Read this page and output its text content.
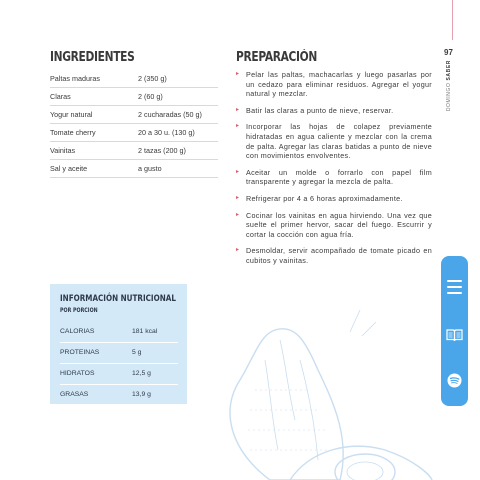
97
DOMINGO SABER
INGREDIENTES
Paltas maduras	2 (350 g)
Claras	2 (60 g)
Yogur natural	2 cucharadas (50 g)
Tomate cherry	20 a 30 u. (130 g)
Vainitas	2 tazas (200 g)
Sal y aceite	a gusto
PREPARACIÓN
▸ Pelar las paltas, machacarlas y luego pasarlas por un cedazo para eliminar residuos. Agregar el yogur natural y mezclar.
▸ Batir las claras a punto de nieve, reservar.
▸ Incorporar las hojas de colapez previamente hidratadas en agua caliente y mezclar con la crema de palta. Agregar las claras batidas a punto de nieve con movimientos envolventes.
▸ Aceitar un molde o forrarlo con papel film transparente y agregar la mezcla de palta.
▸ Refrigerar por 4 a 6 horas aproximadamente.
▸ Cocinar los vainitas en agua hirviendo. Una vez que suelte el primer hervor, sacar del fuego. Escurrir y cortar la cocción con agua fría.
▸ Desmoldar, servir acompañado de tomate picado en cubitos y vainitas.
INFORMACIÓN NUTRICIONAL
POR PORCIÓN
CALORIAS	181 kcal
PROTEINAS	5 g
HIDRATOS	12,5 g
GRASAS	13,9 g
